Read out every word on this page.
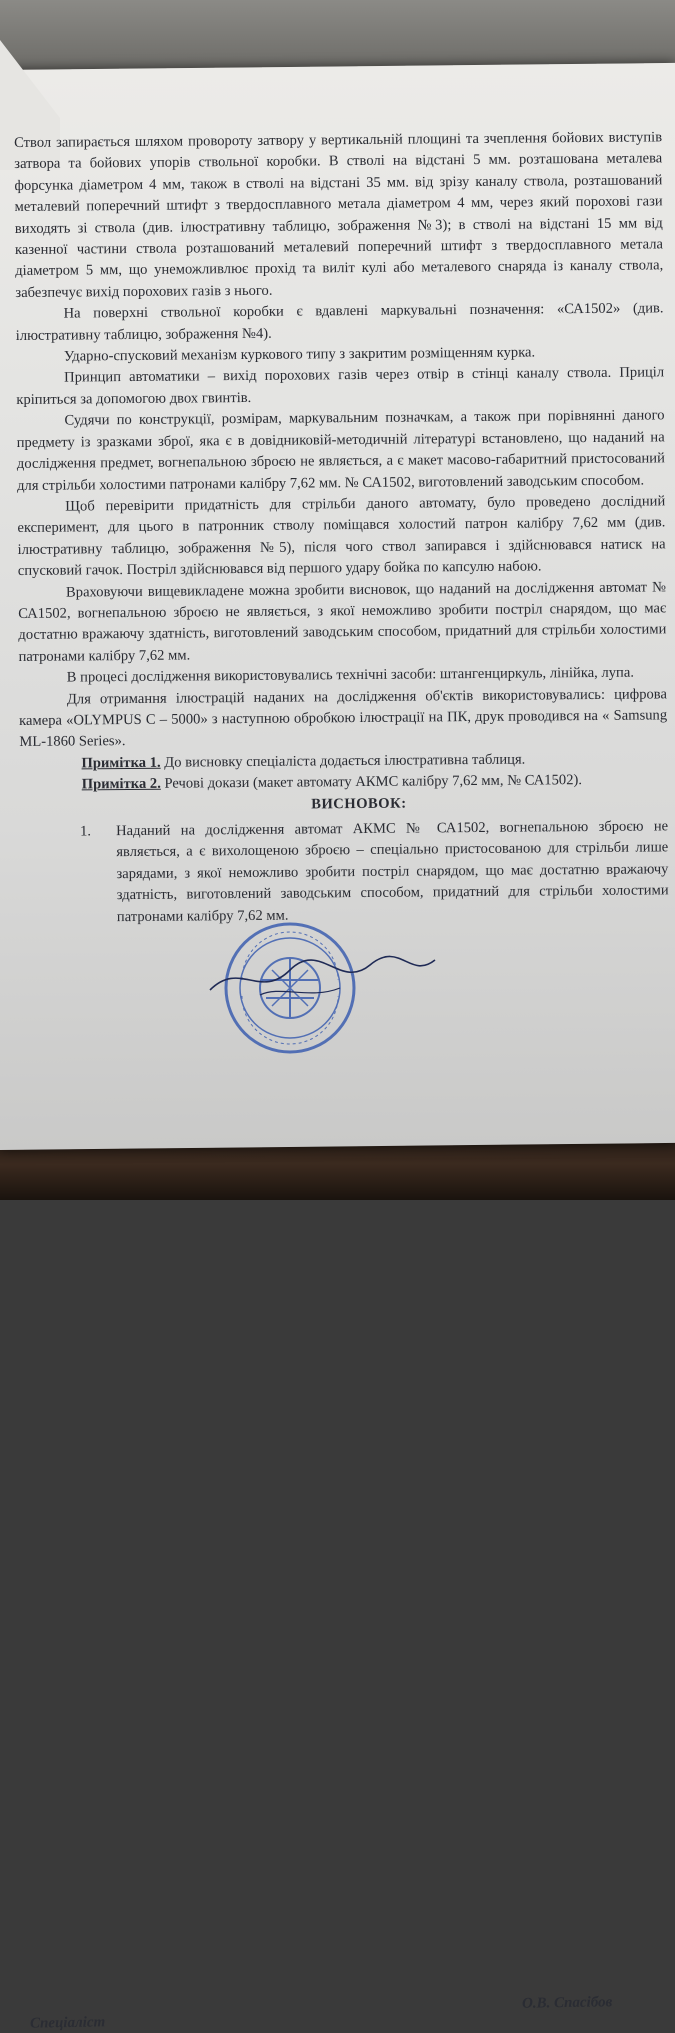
Ствол запирається шляхом провороту затвору у вертикальній площині та зчеплення бойових виступів затвора та бойових упорів ствольної коробки. В стволі на відстані 5 мм. розташована металева форсунка діаметром 4 мм, також в стволі на відстані 35 мм. від зрізу каналу ствола, розташований металевий поперечний штифт з твердосплавного метала діаметром 4 мм, через який порохові гази виходять зі ствола (див. ілюстративну таблицю, зображення №3); в стволі на відстані 15 мм від казенної частини ствола розташований металевий поперечний штифт з твердосплавного метала діаметром 5 мм, що унеможливлює прохід та виліт кулі або металевого снаряда із каналу ствола, забезпечує вихід порохових газів з нього.

На поверхні ствольної коробки є вдавлені маркувальні позначення: «СА1502» (див. ілюстративну таблицю, зображення №4).

Ударно-спусковий механізм куркового типу з закритим розміщенням курка.

Принцип автоматики – вихід порохових газів через отвір в стінці каналу ствола. Приціл кріпиться за допомогою двох гвинтів.

Судячи по конструкції, розмірам, маркувальним позначкам, а також при порівнянні даного предмету із зразками зброї, яка є в довідниковій-методичній літературі встановлено, що наданий на дослідження предмет, вогнепальною зброєю не являється, а є макет масово-габаритний пристосований для стрільби холостими патронами калібру 7,62 мм. № СА1502, виготовлений заводським способом.

Щоб перевірити придатність для стрільби даного автомату, було проведено дослідний експеримент, для цього в патронник стволу поміщався холостий патрон калібру 7,62 мм (див. ілюстративну таблицю, зображення №5), після чого ствол запирався і здійснювався натиск на спусковий гачок. Постріл здійснювався від першого удару бойка по капсулю набою.

Враховуючи вищевикладене можна зробити висновок, що наданий на дослідження автомат № СА1502, вогнепальною зброєю не являється, з якої неможливо зробити постріл снарядом, що має достатню вражаючу здатність, виготовлений заводським способом, придатний для стрільби холостими патронами калібру 7,62 мм.

В процесі дослідження використовувались технічні засоби: штангенциркуль, лінійка, лупа.

Для отримання ілюстрацій наданих на дослідження об'єктів використовувались: цифрова камера «OLYMPUS C – 5000» з наступною обробкою ілюстрації на ПК, друк проводився на « Samsung ML-1860 Series».

Примітка 1. До висновку спеціаліста додається ілюстративна таблиця.

Примітка 2. Речові докази (макет автомату АКМС калібру 7,62 мм, № СА1502).

ВИСНОВОК:

1.	Наданий на дослідження автомат АКМС № СА1502, вогнепальною зброєю не являється, а є вихолощеною зброєю – спеціально пристосованою для стрільби лише зарядами, з якої неможливо зробити постріл снарядом, що має достатню вражаючу здатність, виготовлений заводським способом, придатний для стрільби холостими патронами калібру 7,62 мм.
Спеціаліст
О.В. Спасібов
